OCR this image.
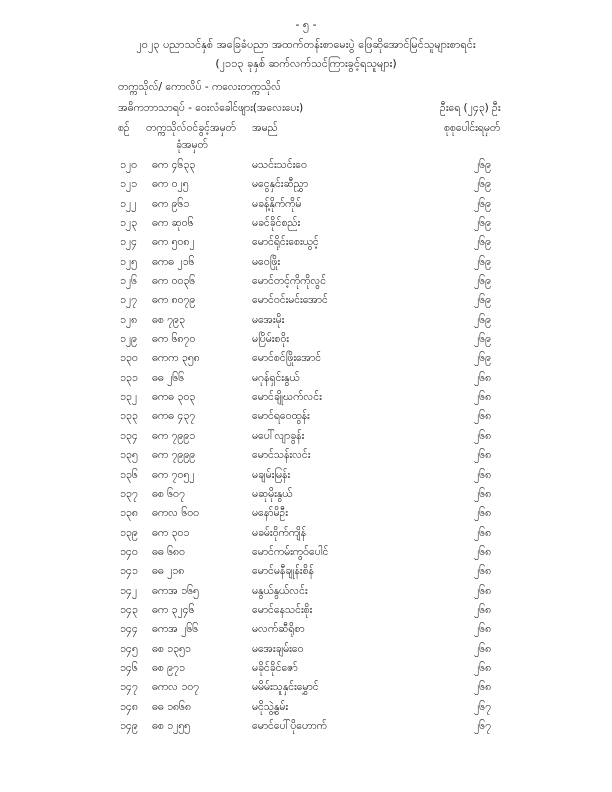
- ၅ -
၂၀၂၃ ပညာသင်နှစ် အခြေခံပညာ အထက်တန်းစာမေးပွဲ ဖြေဆိုအောင်မြင်သူများစာရင်း
(၂၁၁၃ ခုနှစ် ဆက်လက်သင်ကြားခွင့်ရသူများ)
တက္ကသိုလ်/ ကောလိပ် - ကလေးတက္ကသိုလ်
အဓိကဘာသာရပ် - ဝေးလံခေါင်ဖျား(အလေးပေး)	ဦးရေ (၂၄၃) ဦး
စဉ် တက္ကသိုလ်ဝင်ခွင့်အမှတ်
ခုံအမှတ်
အမည်	စုစုပေါင်းရမှတ်
၁၂၀ ဓက ၄၆၃၃	မသင်းသင်းဝေ	၂၆၉
၁၂၁ ဓက ၀၂၅	မငွေနှင်းဆီညွှာ	၂၆၉
၁၂၂ ဓက ၉၆၁	မခန့်နိုက်ကိုမ်	၂၆၉
၁၂၃ ဓက ဆု၀၆	မခင်ခိုင်စည်း	၂၆၉
၁၂၄ ဓက ၅၀၈၂	မောင်ရိုင်းစေးယွင့်	၂၆၉
၁၂၅ ဓကဓ ၂၁၆	မဝေဖြိုး	၂၆၉
၁၂၆ ဓက ၀၀၃၆	မောင်တင့်ကိုကိုလွင်	၂၆၉
၁၂၇ ဓက ၈၀၇၉	မောင်ဝင်းမင်းအောင်	၂၆၉
၁၂၈ ဓစ ၇၉၃	မအေးမိုး	၂၆၉
၁၂၉ ဓက ၆၈၇၀	မပြိမ်းစဝိုး	၂၆၉
၁၃၀ ဓကက ၃၅၈	မောင်စင်ဖြိုးအောင်	၂၆၉
၁၃၁ ဓဓ ၂၆၆	မဂုန်ရှင်းနွယ်	၂၆၈
၁၃၂ ဓကဓ ၃၀၃	မောင်ချိုဃက်လင်း	၂၆၈
၁၃၃ ဓကဓ ၄၃၇	မောင်ရဝေထွန်း	၂၆၈
၁၃၄ ဓက ၇၉၉၁	မပေါ်လျာခွန်း	၂၆၈
၁၃၅ ဓက ၇၉၉၉	မောင်သန်းလင်း	၂၆၈
၁၃၆ ဓက ၇၀၅၂	မချမ်းမြန်း	၂၆၈
၁၃၇ ဓစ ၆၀၇	မဆုမိုးနွယ်	၂၆၈
၁၃၈ ဓကလ ၆၀၀	မနော်မိဦး	၂၆၈
၁၃၉ ဓက ၃၀၁	မခမ်းဝိုက်ကျိန်	၂၆၈
၁၄၀ ဓဓ ၆၈၀	မောင်ကမ်းကွဝ်ပေါင်	၂၆၈
၁၄၁ ဓဓ ၂၁၈	မောင်မနီချုန်းစိန်	၂၆၈
၁၄၂ ဓကအ ၁၆၅	မနွယ်နွယ်လင်း	၂၆၈
၁၄၃ ဓက ၃၂၄၆	မောင်နေသင်းစိုး	၂၆၈
၁၄၄ ဓကအ ၂၆၆	မလက်ဆီရိုစာ	၂၆၈
၁၄၅ ဓစ ၁၃၅၁	မအေးချမ်းဝေ	၂၆၈
၁၄၆ ဓစ ၉၇၁	မခိုင်ခိုင်ဇော်	၂၆၈
၁၄၇ ဓကလ ၁၀၇	မမိမ်းသူနှင်းမွှောင်	၂၆၈
၁၄၈ ဓဓ ၁၈၆၈	မငိုသွဲ့နွမ်း	၂၆၇
၁၄၉ ဓစ ၁၂၅၅	မောင်ပေါ်ပိုဟောက်	၂၆၇
